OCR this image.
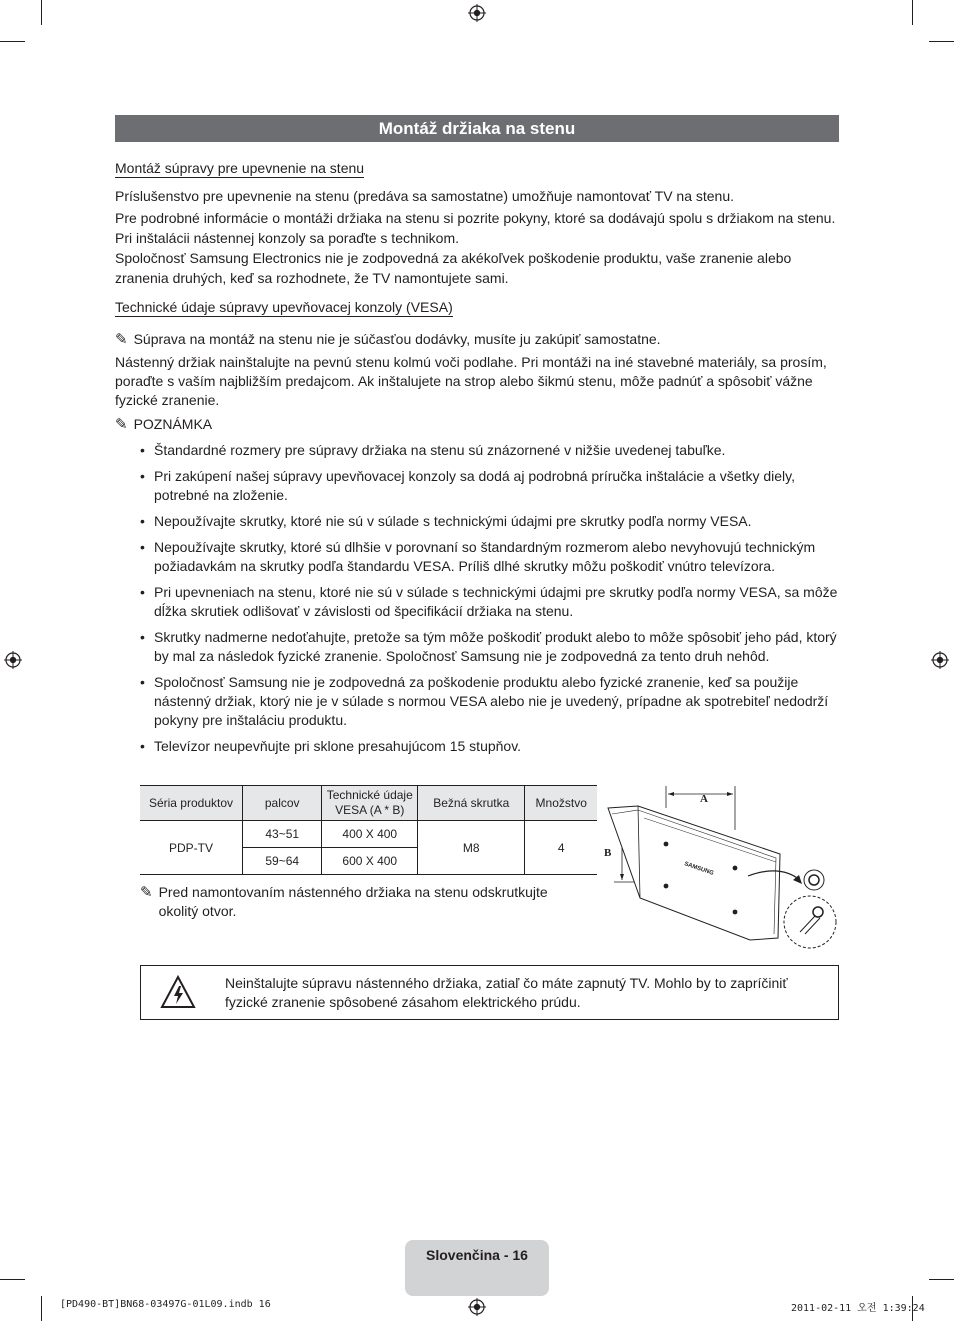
Montáž držiaka na stenu
Montáž súpravy pre upevnenie na stenu

Príslušenstvo pre upevnenie na stenu (predáva sa samostatne) umožňuje namontovať TV na stenu.

Pre podrobné informácie o montáži držiaka na stenu si pozrite pokyny, ktoré sa dodávajú spolu s držiakom na stenu. Pri inštalácii nástennej konzoly sa poraďte s technikom.

Spoločnosť Samsung Electronics nie je zodpovedná za akékoľvek poškodenie produktu, vaše zranenie alebo zranenia druhých, keď sa rozhodnete, že TV namontujete sami.

Technické údaje súpravy upevňovacej konzoly (VESA)
✎ Súprava na montáž na stenu nie je súčasťou dodávky, musíte ju zakúpiť samostatne.

Nástenný držiak nainštalujte na pevnú stenu kolmú voči podlahe. Pri montáži na iné stavebné materiály, sa prosím, poraďte s vaším najbližším predajcom. Ak inštalujete na strop alebo šikmú stenu, môže padnúť a spôsobiť vážne fyzické zranenie.

✎ POZNÁMKA
• Štandardné rozmery pre súpravy držiaka na stenu sú znázornené v nižšie uvedenej tabuľke.
• Pri zakúpení našej súpravy upevňovacej konzoly sa dodá aj podrobná príručka inštalácie a všetky diely, potrebné na zloženie.
• Nepoužívajte skrutky, ktoré nie sú v súlade s technickými údajmi pre skrutky podľa normy VESA.
• Nepoužívajte skrutky, ktoré sú dlhšie v porovnaní so štandardným rozmerom alebo nevyhovujú technickým požiadavkám na skrutky podľa štandardu VESA. Príliš dlhé skrutky môžu poškodiť vnútro televízora.
• Pri upevneniach na stenu, ktoré nie sú v súlade s technickými údajmi pre skrutky podľa normy VESA, sa môže dĺžka skrutiek odlišovať v závislosti od špecifikácií držiaka na stenu.
• Skrutky nadmerne nedoťahujte, pretože sa tým môže poškodiť produkt alebo to môže spôsobiť jeho pád, ktorý by mal za následok fyzické zranenie. Spoločnosť Samsung nie je zodpovedná za tento druh nehôd.
• Spoločnosť Samsung nie je zodpovedná za poškodenie produktu alebo fyzické zranenie, keď sa použije nástenný držiak, ktorý nie je v súlade s normou VESA alebo nie je uvedený, prípadne ak spotrebiteľ nedodrží pokyny pre inštaláciu produktu.
• Televízor neupevňujte pri sklone presahujúcom 15 stupňov.
Séria produktov	palcov	Technické údaje VESA (A * B)	Bežná skrutka	Množstvo
PDP-TV	43~51	400 X 400	M8	4
	59~64	600 X 400		
✎ Pred namontovaním nástenného držiaka na stenu odskrutkujte okolitý otvor.
A
B
SAMSUNG
Neinštalujte súpravu nástenného držiaka, zatiaľ čo máte zapnutý TV. Mohlo by to zapríčiniť fyzické zranenie spôsobené zásahom elektrického prúdu.
Slovenčina - 16
[PD490-BT]BN68-03497G-01L09.indb 16	2011-02-11 오전 1:39:24
